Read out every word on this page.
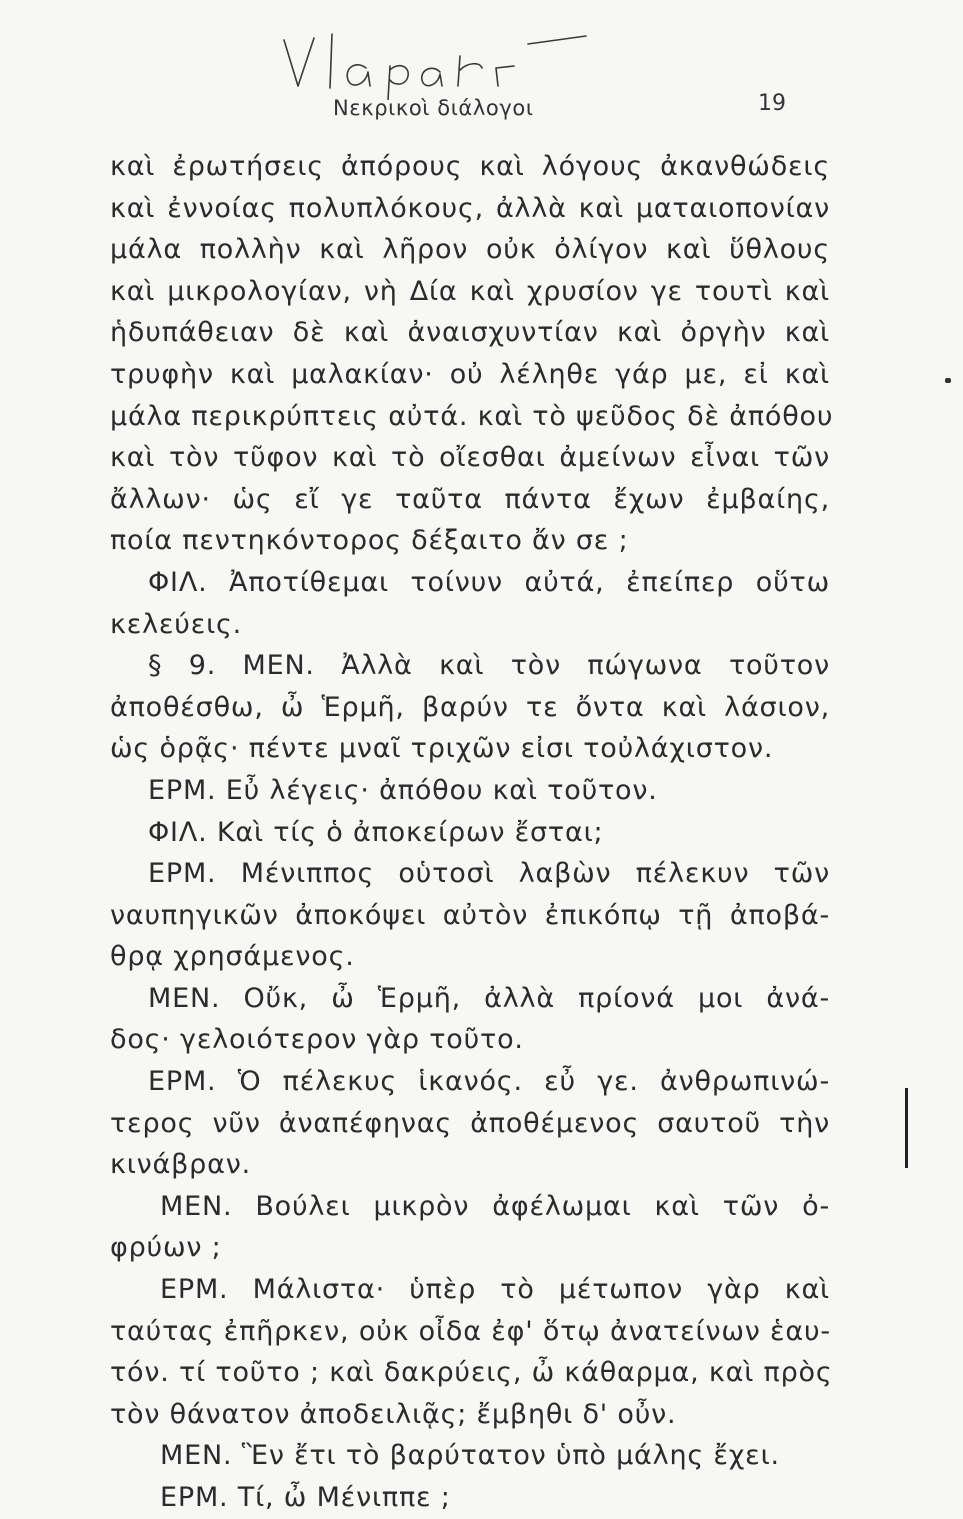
Νεκρικοὶ διάλογοι	19
καὶ ἐρωτήσεις ἀπόρους καὶ λόγους ἀκανθώδεις
καὶ ἐννοίας πολυπλόκους, ἀλλὰ καὶ ματαιοπονίαν
μάλα πολλὴν καὶ λῆρον οὐκ ὀλίγον καὶ ὕθλους
καὶ μικρολογίαν, νὴ Δία καὶ χρυσίον γε τουτὶ καὶ
ἡδυπάθειαν δὲ καὶ ἀναισχυντίαν καὶ ὀργὴν καὶ
τρυφὴν καὶ μαλακίαν· οὐ λέληθε γάρ με, εἰ καὶ
μάλα περικρύπτεις αὐτά. καὶ τὸ ψεῦδος δὲ ἀπόθου
καὶ τὸν τῦφον καὶ τὸ οἴεσθαι ἀμείνων εἶναι τῶν
ἄλλων· ὡς εἴ γε ταῦτα πάντα ἔχων ἐμβαίης,
ποία πεντηκόντορος δέξαιτο ἄν σε ;
ΦΙΛ. Ἀποτίθεμαι τοίνυν αὐτά, ἐπείπερ οὕτω
κελεύεις.
§ 9. ΜΕΝ. Ἀλλὰ καὶ τὸν πώγωνα τοῦτον
ἀποθέσθω, ὦ Ἑρμῆ, βαρύν τε ὄντα καὶ λάσιον,
ὡς ὁρᾷς· πέντε μναῖ τριχῶν εἰσι τοὐλάχιστον.
ΕΡΜ. Εὖ λέγεις· ἀπόθου καὶ τοῦτον.
ΦΙΛ. Καὶ τίς ὁ ἀποκείρων ἔσται;
ΕΡΜ. Μένιππος οὑτοσὶ λαβὼν πέλεκυν τῶν
ναυπηγικῶν ἀποκόψει αὐτὸν ἐπικόπῳ τῇ ἀποβά-
θρᾳ χρησάμενος.
ΜΕΝ. Οὔκ, ὦ Ἑρμῆ, ἀλλὰ πρίονά μοι ἀνά-
δος· γελοιότερον γὰρ τοῦτο.
ΕΡΜ. Ὁ πέλεκυς ἱκανός. εὖ γε. ἀνθρωπινώ-
τερος νῦν ἀναπέφηνας ἀποθέμενος σαυτοῦ τὴν
κινάβραν.
ΜΕΝ. Βούλει μικρὸν ἀφέλωμαι καὶ τῶν ὀ-
φρύων ;
ΕΡΜ. Μάλιστα· ὑπὲρ τὸ μέτωπον γὰρ καὶ
ταύτας ἐπῆρκεν, οὐκ οἶδα ἐφ' ὅτῳ ἀνατείνων ἑαυ-
τόν. τί τοῦτο ; καὶ δακρύεις, ὦ κάθαρμα, καὶ πρὸς
τὸν θάνατον ἀποδειλιᾷς; ἔμβηθι δ' οὖν.
ΜΕΝ. Ἓν ἔτι τὸ βαρύτατον ὑπὸ μάλης ἔχει.
ΕΡΜ. Τί, ὦ Μένιππε ;
